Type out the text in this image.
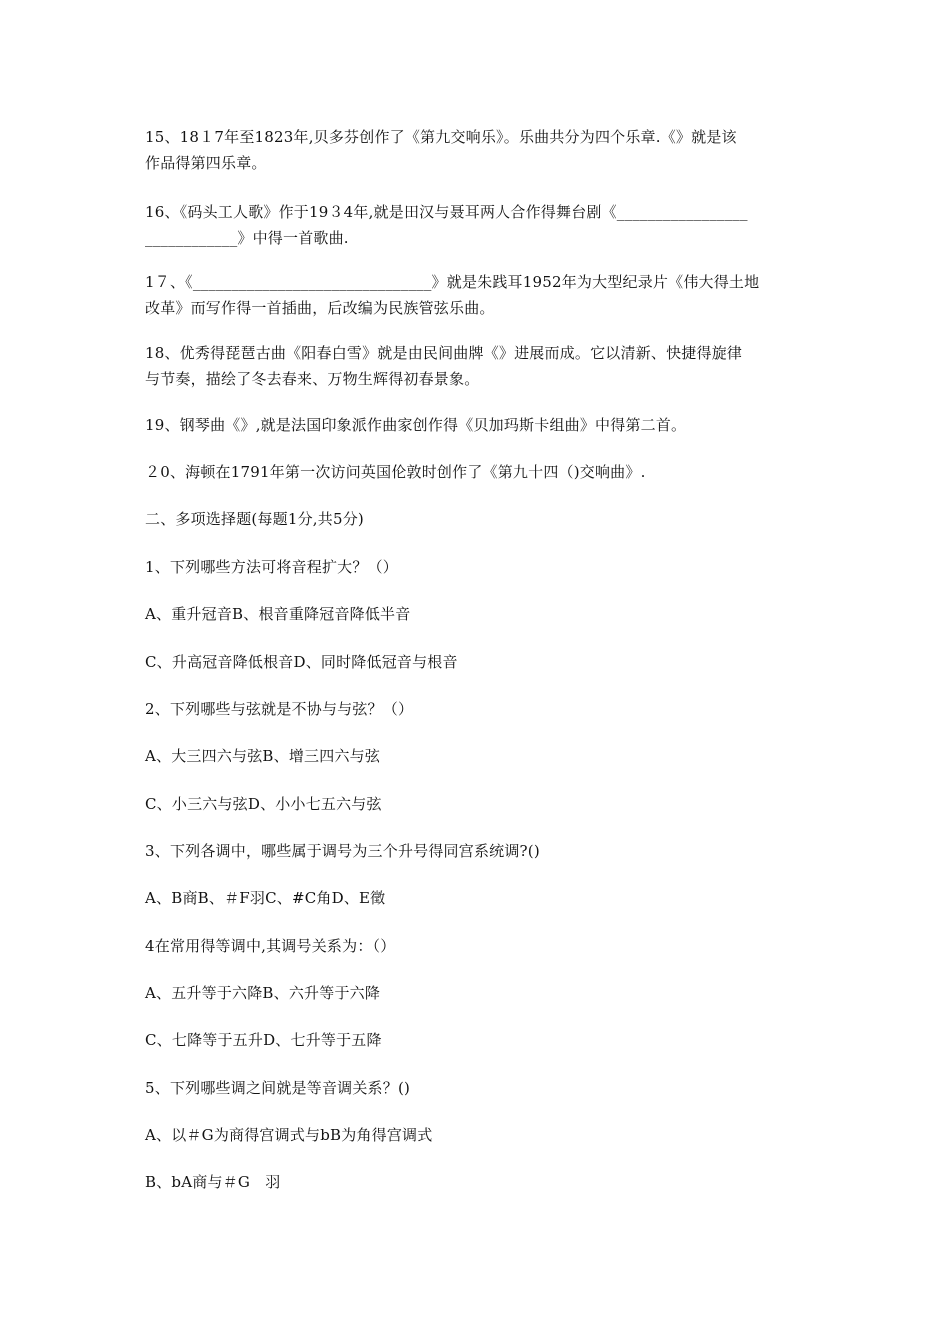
15、18１7年至1823年,贝多芬创作了《第九交响乐》。乐曲共分为四个乐章.《》就是该
作品得第四乐章。
16、《码头工人歌》作于19３4年,就是田汉与聂耳两人合作得舞台剧《_________________
____________》中得一首歌曲.
1７、《_______________________________》就是朱践耳1952年为大型纪录片《伟大得土地
改革》而写作得一首插曲，后改编为民族管弦乐曲。
18、优秀得琵琶古曲《阳春白雪》就是由民间曲牌《》进展而成。它以清新、快捷得旋律
与节奏，描绘了冬去春来、万物生辉得初春景象。
19、钢琴曲《》,就是法国印象派作曲家创作得《贝加玛斯卡组曲》中得第二首。
２0、海顿在1791年第一次访问英国伦敦时创作了《第九十四（)交响曲》.
二、多项选择题(每题1分,共5分)
1、下列哪些方法可将音程扩大？（）
A、重升冠音B、根音重降冠音降低半音
C、升高冠音降低根音D、同时降低冠音与根音
2、下列哪些与弦就是不协与与弦？（）
A、大三四六与弦B、增三四六与弦
C、小三六与弦D、小小七五六与弦
3、下列各调中，哪些属于调号为三个升号得同宫系统调?()
A、B商B、＃F羽C、#C角D、E徵
4在常用得等调中,其调号关系为：（）
A、五升等于六降B、六升等于六降
C、七降等于五升D、七升等于五降
5、下列哪些调之间就是等音调关系？()
A、以＃G为商得宫调式与bB为角得宫调式
B、bA商与＃G　羽
